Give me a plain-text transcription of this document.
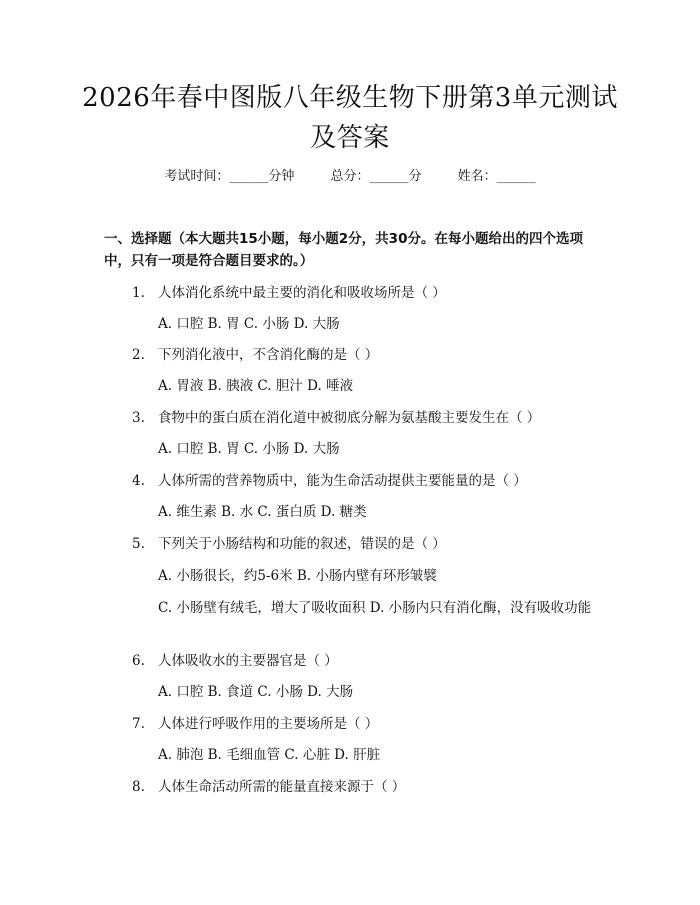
2026年春中图版八年级生物下册第3单元测试及答案
考试时间：______分钟	总分：______分	姓名：______
一、选择题（本大题共15小题，每小题2分，共30分。在每小题给出的四个选项中，只有一项是符合题目要求的。）
1. 人体消化系统中最主要的消化和吸收场所是（ ）
A. 口腔 B. 胃 C. 小肠 D. 大肠
2. 下列消化液中，不含消化酶的是（ ）
A. 胃液 B. 胰液 C. 胆汁 D. 唾液
3. 食物中的蛋白质在消化道中被彻底分解为氨基酸主要发生在（ ）
A. 口腔 B. 胃 C. 小肠 D. 大肠
4. 人体所需的营养物质中，能为生命活动提供主要能量的是（ ）
A. 维生素 B. 水 C. 蛋白质 D. 糖类
5. 下列关于小肠结构和功能的叙述，错误的是（ ）
A. 小肠很长，约5-6米 B. 小肠内壁有环形皱襞
C. 小肠壁有绒毛，增大了吸收面积 D. 小肠内只有消化酶，没有吸收功能
6. 人体吸收水的主要器官是（ ）
A. 口腔 B. 食道 C. 小肠 D. 大肠
7. 人体进行呼吸作用的主要场所是（ ）
A. 肺泡 B. 毛细血管 C. 心脏 D. 肝脏
8. 人体生命活动所需的能量直接来源于（ ）
